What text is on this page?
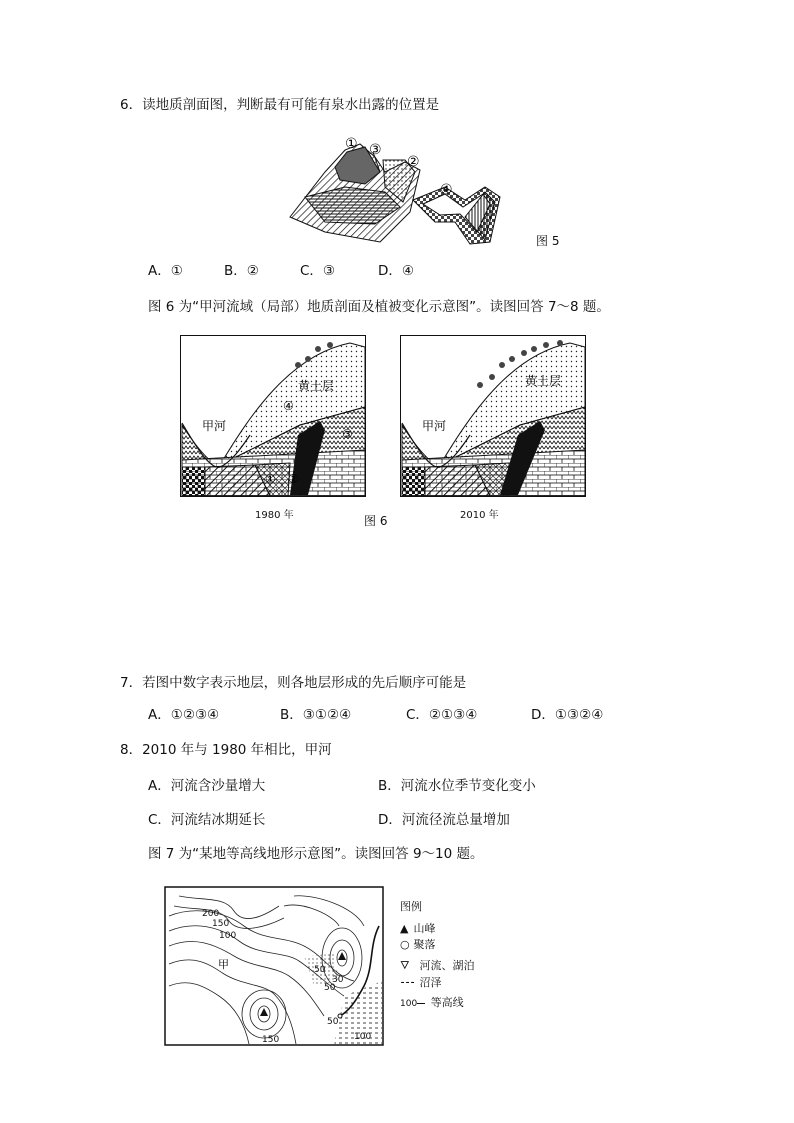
6．读地质剖面图，判断最有可能有泉水出露的位置是
① ③
②
④
图 5
A．①	B．②	C．③	D．④
图 6 为“甲河流域（局部）地质剖面及植被变化示意图”。读图回答 7～8 题。
黄土层
甲河
④
③
① ②
黄土层
甲河
1980 年	图 6	2010 年
7．若图中数字表示地层，则各地层形成的先后顺序可能是
A．①②③④	B．③①②④	C．②①③④	D．①③②④
8．2010 年与 1980 年相比，甲河
A．河流含沙量增大	B．河流水位季节变化变小
C．河流结冰期延长	D．河流径流总量增加
图 7 为“某地等高线地形示意图”。读图回答 9～10 题。
200
150
100
50
50
30
50
150	100
甲
图例
▲ 山峰
○ 聚落
🜄 河流、湖泊
⁃⁃⁃ 沼泽
100 等高线
